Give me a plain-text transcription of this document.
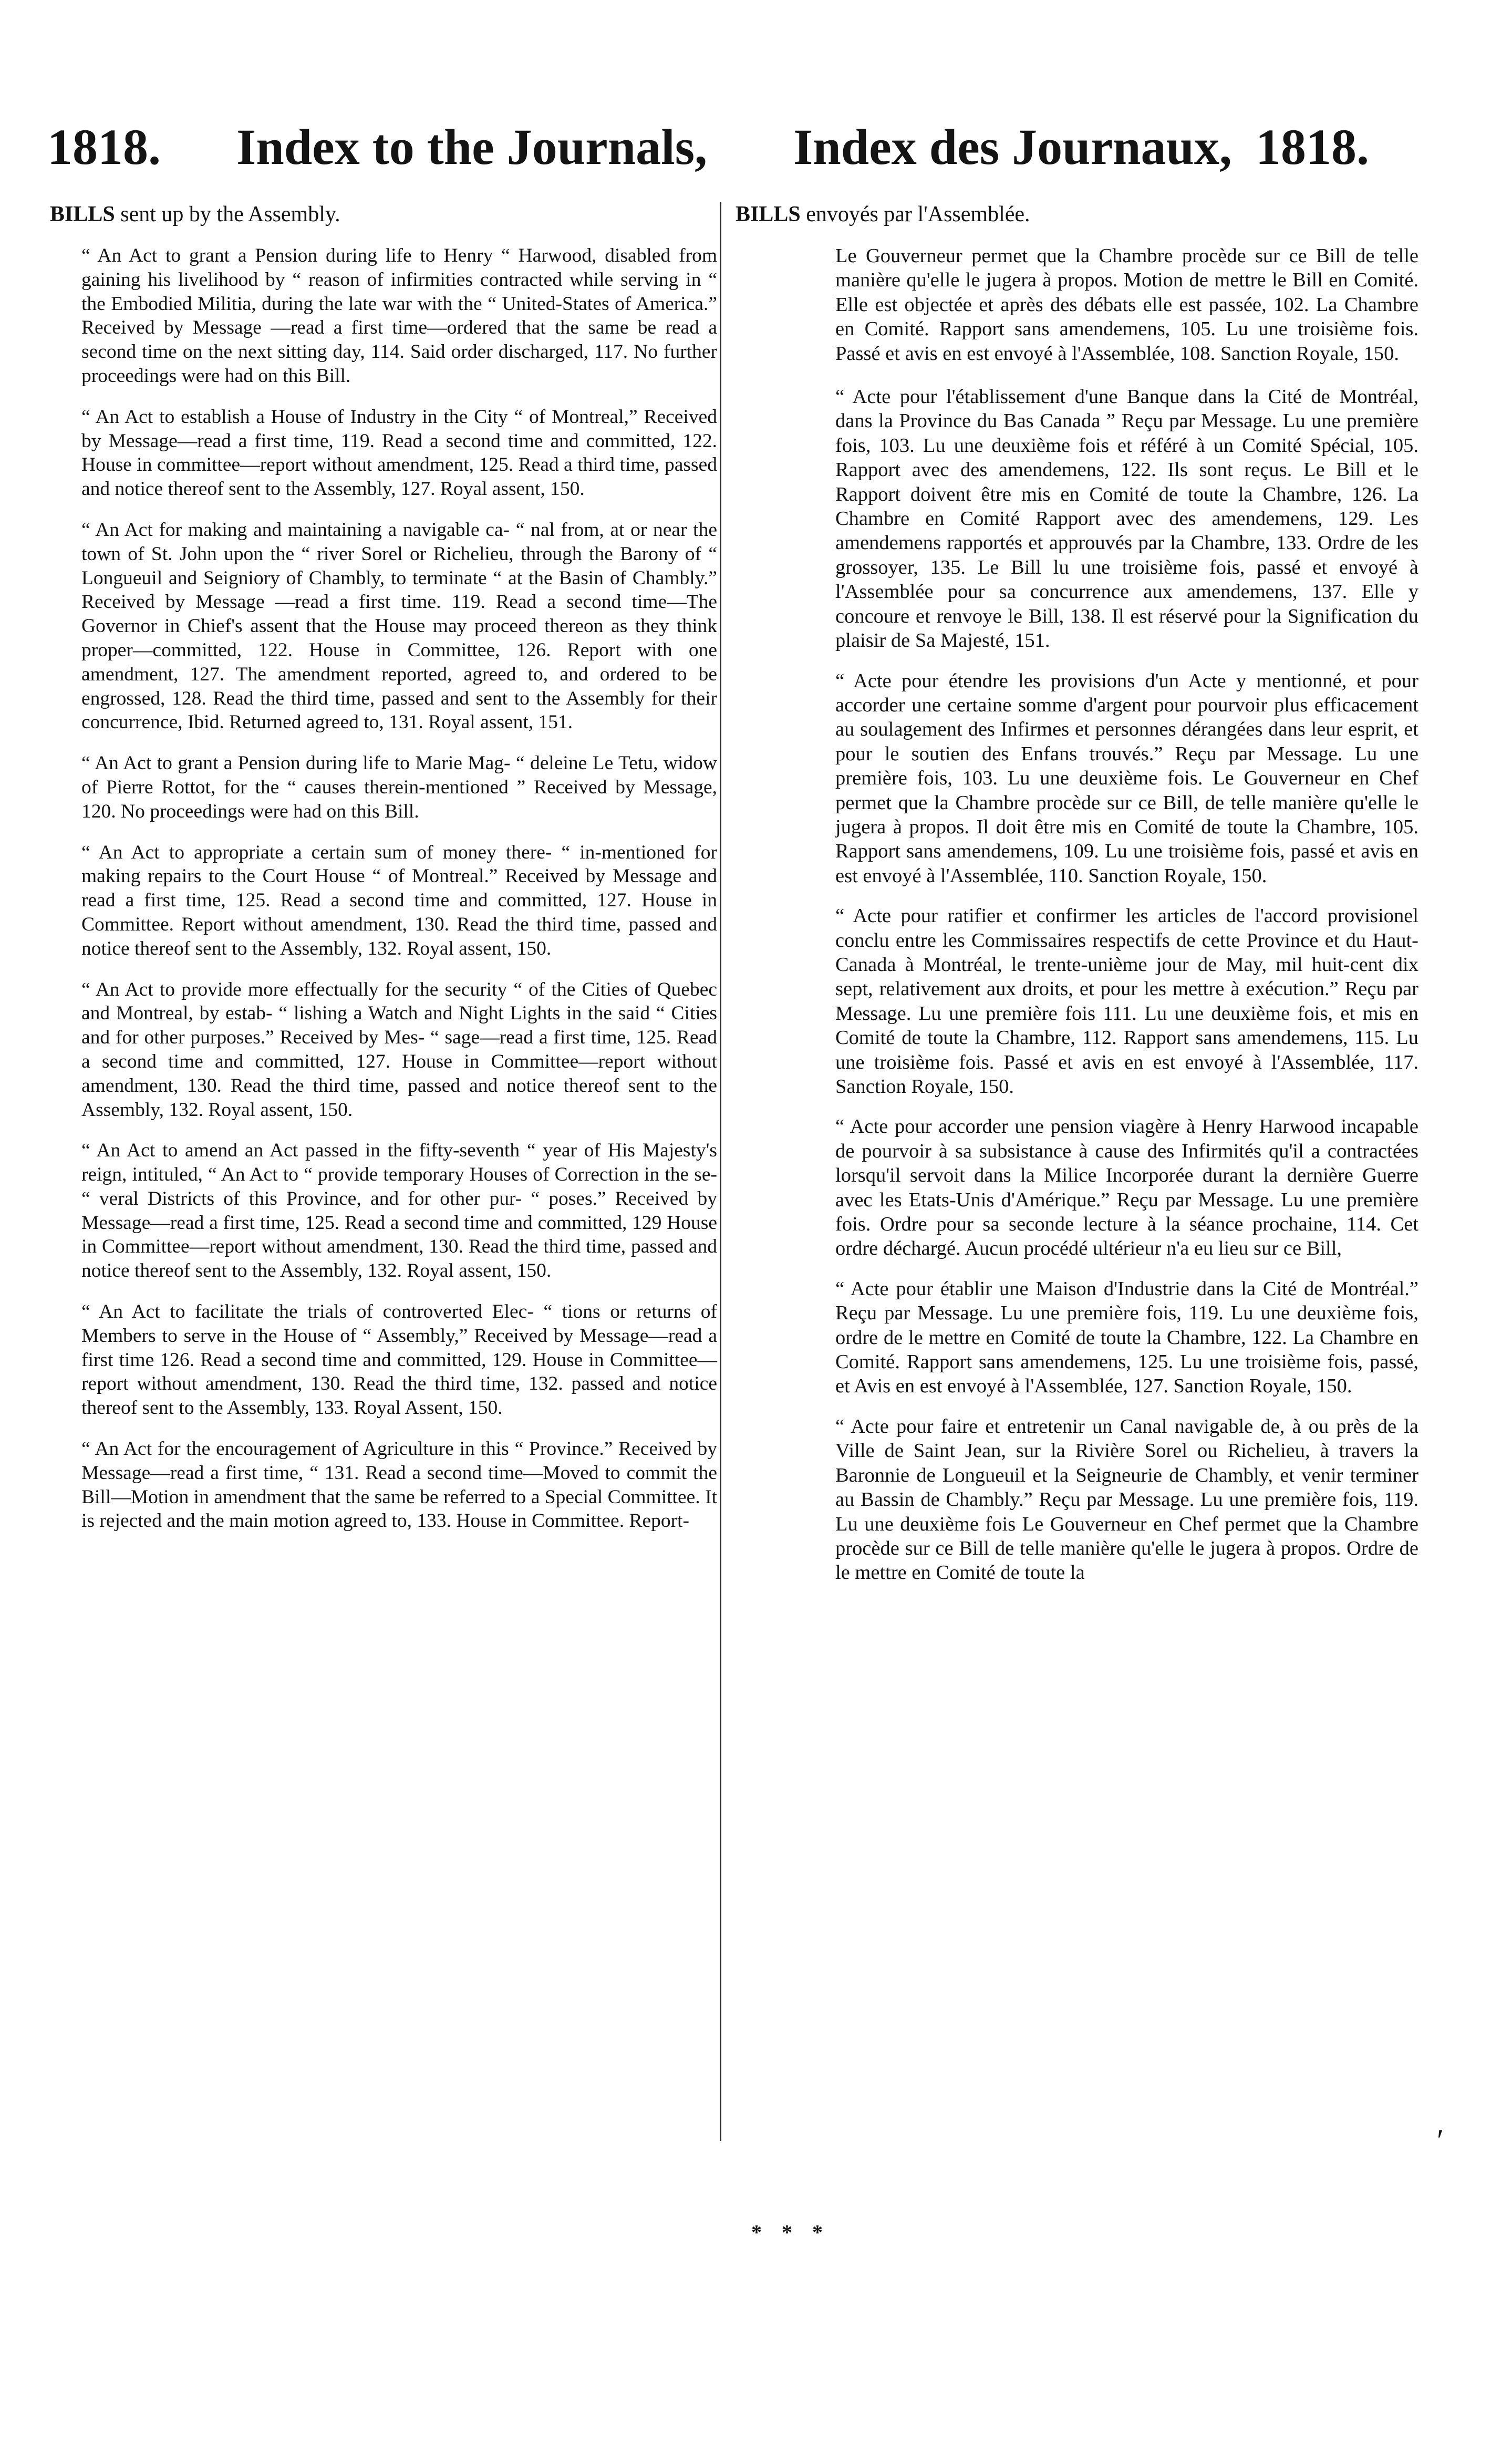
1818. Index to the Journals, Index des Journaux, 1818.
BILLS sent up by the Assembly.

“ An Act to grant a Pension during life to Henry “ Harwood, disabled from gaining his livelihood by “ reason of infirmities contracted while serving in “ the Embodied Militia, during the late war with the “ United-States of America.” Received by Message —read a first time—ordered that the same be read a second time on the next sitting day, 114. Said order discharged, 117. No further proceedings were had on this Bill.

“ An Act to establish a House of Industry in the City “ of Montreal,” Received by Message—read a first time, 119. Read a second time and committed, 122. House in committee—report without amendment, 125. Read a third time, passed and notice thereof sent to the Assembly, 127. Royal assent, 150.

“ An Act for making and maintaining a navigable ca- “ nal from, at or near the town of St. John upon the “ river Sorel or Richelieu, through the Barony of “ Longueuil and Seigniory of Chambly, to terminate “ at the Basin of Chambly.” Received by Message —read a first time. 119. Read a second time—The Governor in Chief's assent that the House may proceed thereon as they think proper—committed, 122. House in Committee, 126. Report with one amendment, 127. The amendment reported, agreed to, and ordered to be engrossed, 128. Read the third time, passed and sent to the Assembly for their concurrence, Ibid. Returned agreed to, 131. Royal assent, 151.

“ An Act to grant a Pension during life to Marie Mag- “ deleine Le Tetu, widow of Pierre Rottot, for the “ causes therein-mentioned ” Received by Message, 120. No proceedings were had on this Bill.

“ An Act to appropriate a certain sum of money there- “ in-mentioned for making repairs to the Court House “ of Montreal.” Received by Message and read a first time, 125. Read a second time and committed, 127. House in Committee. Report without amendment, 130. Read the third time, passed and notice thereof sent to the Assembly, 132. Royal assent, 150.

“ An Act to provide more effectually for the security “ of the Cities of Quebec and Montreal, by estab- “ lishing a Watch and Night Lights in the said “ Cities and for other purposes.” Received by Mes- “ sage—read a first time, 125. Read a second time and committed, 127. House in Committee—report without amendment, 130. Read the third time, passed and notice thereof sent to the Assembly, 132. Royal assent, 150.

“ An Act to amend an Act passed in the fifty-seventh “ year of His Majesty's reign, intituled, “ An Act to “ provide temporary Houses of Correction in the se- “ veral Districts of this Province, and for other pur- “ poses.” Received by Message—read a first time, 125. Read a second time and committed, 129 House in Committee—report without amendment, 130. Read the third time, passed and notice thereof sent to the Assembly, 132. Royal assent, 150.

“ An Act to facilitate the trials of controverted Elec- “ tions or returns of Members to serve in the House of “ Assembly,” Received by Message—read a first time 126. Read a second time and committed, 129. House in Committee—report without amendment, 130. Read the third time, 132. passed and notice thereof sent to the Assembly, 133. Royal Assent, 150.

“ An Act for the encouragement of Agriculture in this “ Province.” Received by Message—read a first time, “ 131. Read a second time—Moved to commit the Bill—Motion in amendment that the same be referred to a Special Committee. It is rejected and the main motion agreed to, 133. House in Committee. Report-

BILLS envoyés par l'Assemblée.

Le Gouverneur permet que la Chambre procède sur ce Bill de telle manière qu'elle le jugera à propos. Motion de mettre le Bill en Comité. Elle est objectée et après des débats elle est passée, 102. La Chambre en Comité. Rapport sans amendemens, 105. Lu une troisième fois. Passé et avis en est envoyé à l'Assemblée, 108. Sanction Royale, 150.

“ Acte pour l'établissement d'une Banque dans la Cité de Montréal, dans la Province du Bas Canada ” Reçu par Message. Lu une première fois, 103. Lu une deuxième fois et référé à un Comité Spécial, 105. Rapport avec des amendemens, 122. Ils sont reçus. Le Bill et le Rapport doivent être mis en Comité de toute la Chambre, 126. La Chambre en Comité Rapport avec des amendemens, 129. Les amendemens rapportés et approuvés par la Chambre, 133. Ordre de les grossoyer, 135. Le Bill lu une troisième fois, passé et envoyé à l'Assemblée pour sa concurrence aux amendemens, 137. Elle y concoure et renvoye le Bill, 138. Il est réservé pour la Signification du plaisir de Sa Majesté, 151.

“ Acte pour étendre les provisions d'un Acte y mentionné, et pour accorder une certaine somme d'argent pour pourvoir plus efficacement au soulagement des Infirmes et personnes dérangées dans leur esprit, et pour le soutien des Enfans trouvés.” Reçu par Message. Lu une première fois, 103. Lu une deuxième fois. Le Gouverneur en Chef permet que la Chambre procède sur ce Bill, de telle manière qu'elle le jugera à propos. Il doit être mis en Comité de toute la Chambre, 105. Rapport sans amendemens, 109. Lu une troisième fois, passé et avis en est envoyé à l'Assemblée, 110. Sanction Royale, 150.

“ Acte pour ratifier et confirmer les articles de l'accord provisionel conclu entre les Commissaires respectifs de cette Province et du Haut-Canada à Montréal, le trente-unième jour de May, mil huit-cent dix sept, relativement aux droits, et pour les mettre à exécution.” Reçu par Message. Lu une première fois 111. Lu une deuxième fois, et mis en Comité de toute la Chambre, 112. Rapport sans amendemens, 115. Lu une troisième fois. Passé et avis en est envoyé à l'Assemblée, 117. Sanction Royale, 150.

“ Acte pour accorder une pension viagère à Henry Harwood incapable de pourvoir à sa subsistance à cause des Infirmités qu'il a contractées lorsqu'il servoit dans la Milice Incorporée durant la dernière Guerre avec les Etats-Unis d'Amérique.” Reçu par Message. Lu une première fois. Ordre pour sa seconde lecture à la séance prochaine, 114. Cet ordre déchargé. Aucun procédé ultérieur n'a eu lieu sur ce Bill,

“ Acte pour établir une Maison d'Industrie dans la Cité de Montréal.” Reçu par Message. Lu une première fois, 119. Lu une deuxième fois, ordre de le mettre en Comité de toute la Chambre, 122. La Chambre en Comité. Rapport sans amendemens, 125. Lu une troisième fois, passé, et Avis en est envoyé à l'Assemblée, 127. Sanction Royale, 150.

“ Acte pour faire et entretenir un Canal navigable de, à ou près de la Ville de Saint Jean, sur la Rivière Sorel ou Richelieu, à travers la Baronnie de Longueuil et la Seigneurie de Chambly, et venir terminer au Bassin de Chambly.” Reçu par Message. Lu une première fois, 119. Lu une deuxième fois Le Gouverneur en Chef permet que la Chambre procède sur ce Bill de telle manière qu'elle le jugera à propos. Ordre de le mettre en Comité de toute la

* * *
′
